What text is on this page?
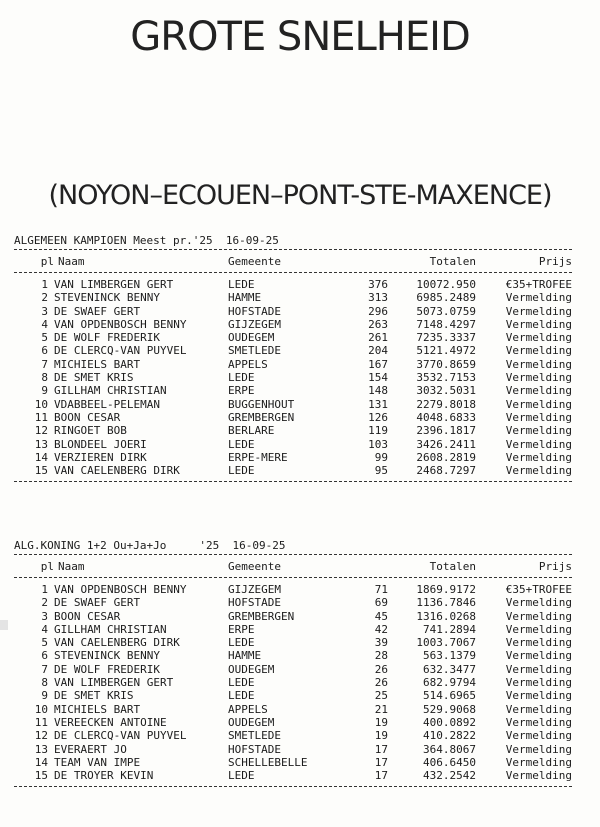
GROTE SNELHEID
(NOYON–ECOUEN–PONT-STE-MAXENCE)
ALGEMEEN KAMPIOEN Meest pr.'25  16-09-25
pl Naam	Gemeente	Totalen	Prijs
1	VAN LIMBERGEN GERT	LEDE	376	10072.950	€35+TROFEE
2	STEVENINCK BENNY	HAMME	313	6985.2489	Vermelding
3	DE SWAEF GERT	HOFSTADE	296	5073.0759	Vermelding
4	VAN OPDENBOSCH BENNY	GIJZEGEM	263	7148.4297	Vermelding
5	DE WOLF FREDERIK	OUDEGEM	261	7235.3337	Vermelding
6	DE CLERCQ-VAN PUYVEL	SMETLEDE	204	5121.4972	Vermelding
7	MICHIELS BART	APPELS	167	3770.8659	Vermelding
8	DE SMET KRIS	LEDE	154	3532.7153	Vermelding
9	GILLHAM CHRISTIAN	ERPE	148	3032.5031	Vermelding
10	VDABBEEL-PELEMAN	BUGGENHOUT	131	2279.8018	Vermelding
11	BOON CESAR	GREMBERGEN	126	4048.6833	Vermelding
12	RINGOET BOB	BERLARE	119	2396.1817	Vermelding
13	BLONDEEL JOERI	LEDE	103	3426.2411	Vermelding
14	VERZIEREN DIRK	ERPE-MERE	99	2608.2819	Vermelding
15	VAN CAELENBERG DIRK	LEDE	95	2468.7297	Vermelding
ALG.KONING 1+2 Ou+Ja+Jo     '25  16-09-25
pl Naam	Gemeente	Totalen	Prijs
1	VAN OPDENBOSCH BENNY	GIJZEGEM	71	1869.9172	€35+TROFEE
2	DE SWAEF GERT	HOFSTADE	69	1136.7846	Vermelding
3	BOON CESAR	GREMBERGEN	45	1316.0268	Vermelding
4	GILLHAM CHRISTIAN	ERPE	42	741.2894	Vermelding
5	VAN CAELENBERG DIRK	LEDE	39	1003.7067	Vermelding
6	STEVENINCK BENNY	HAMME	28	563.1379	Vermelding
7	DE WOLF FREDERIK	OUDEGEM	26	632.3477	Vermelding
8	VAN LIMBERGEN GERT	LEDE	26	682.9794	Vermelding
9	DE SMET KRIS	LEDE	25	514.6965	Vermelding
10	MICHIELS BART	APPELS	21	529.9068	Vermelding
11	VEREECKEN ANTOINE	OUDEGEM	19	400.0892	Vermelding
12	DE CLERCQ-VAN PUYVEL	SMETLEDE	19	410.2822	Vermelding
13	EVERAERT JO	HOFSTADE	17	364.8067	Vermelding
14	TEAM VAN IMPE	SCHELLEBELLE	17	406.6450	Vermelding
15	DE TROYER KEVIN	LEDE	17	432.2542	Vermelding
